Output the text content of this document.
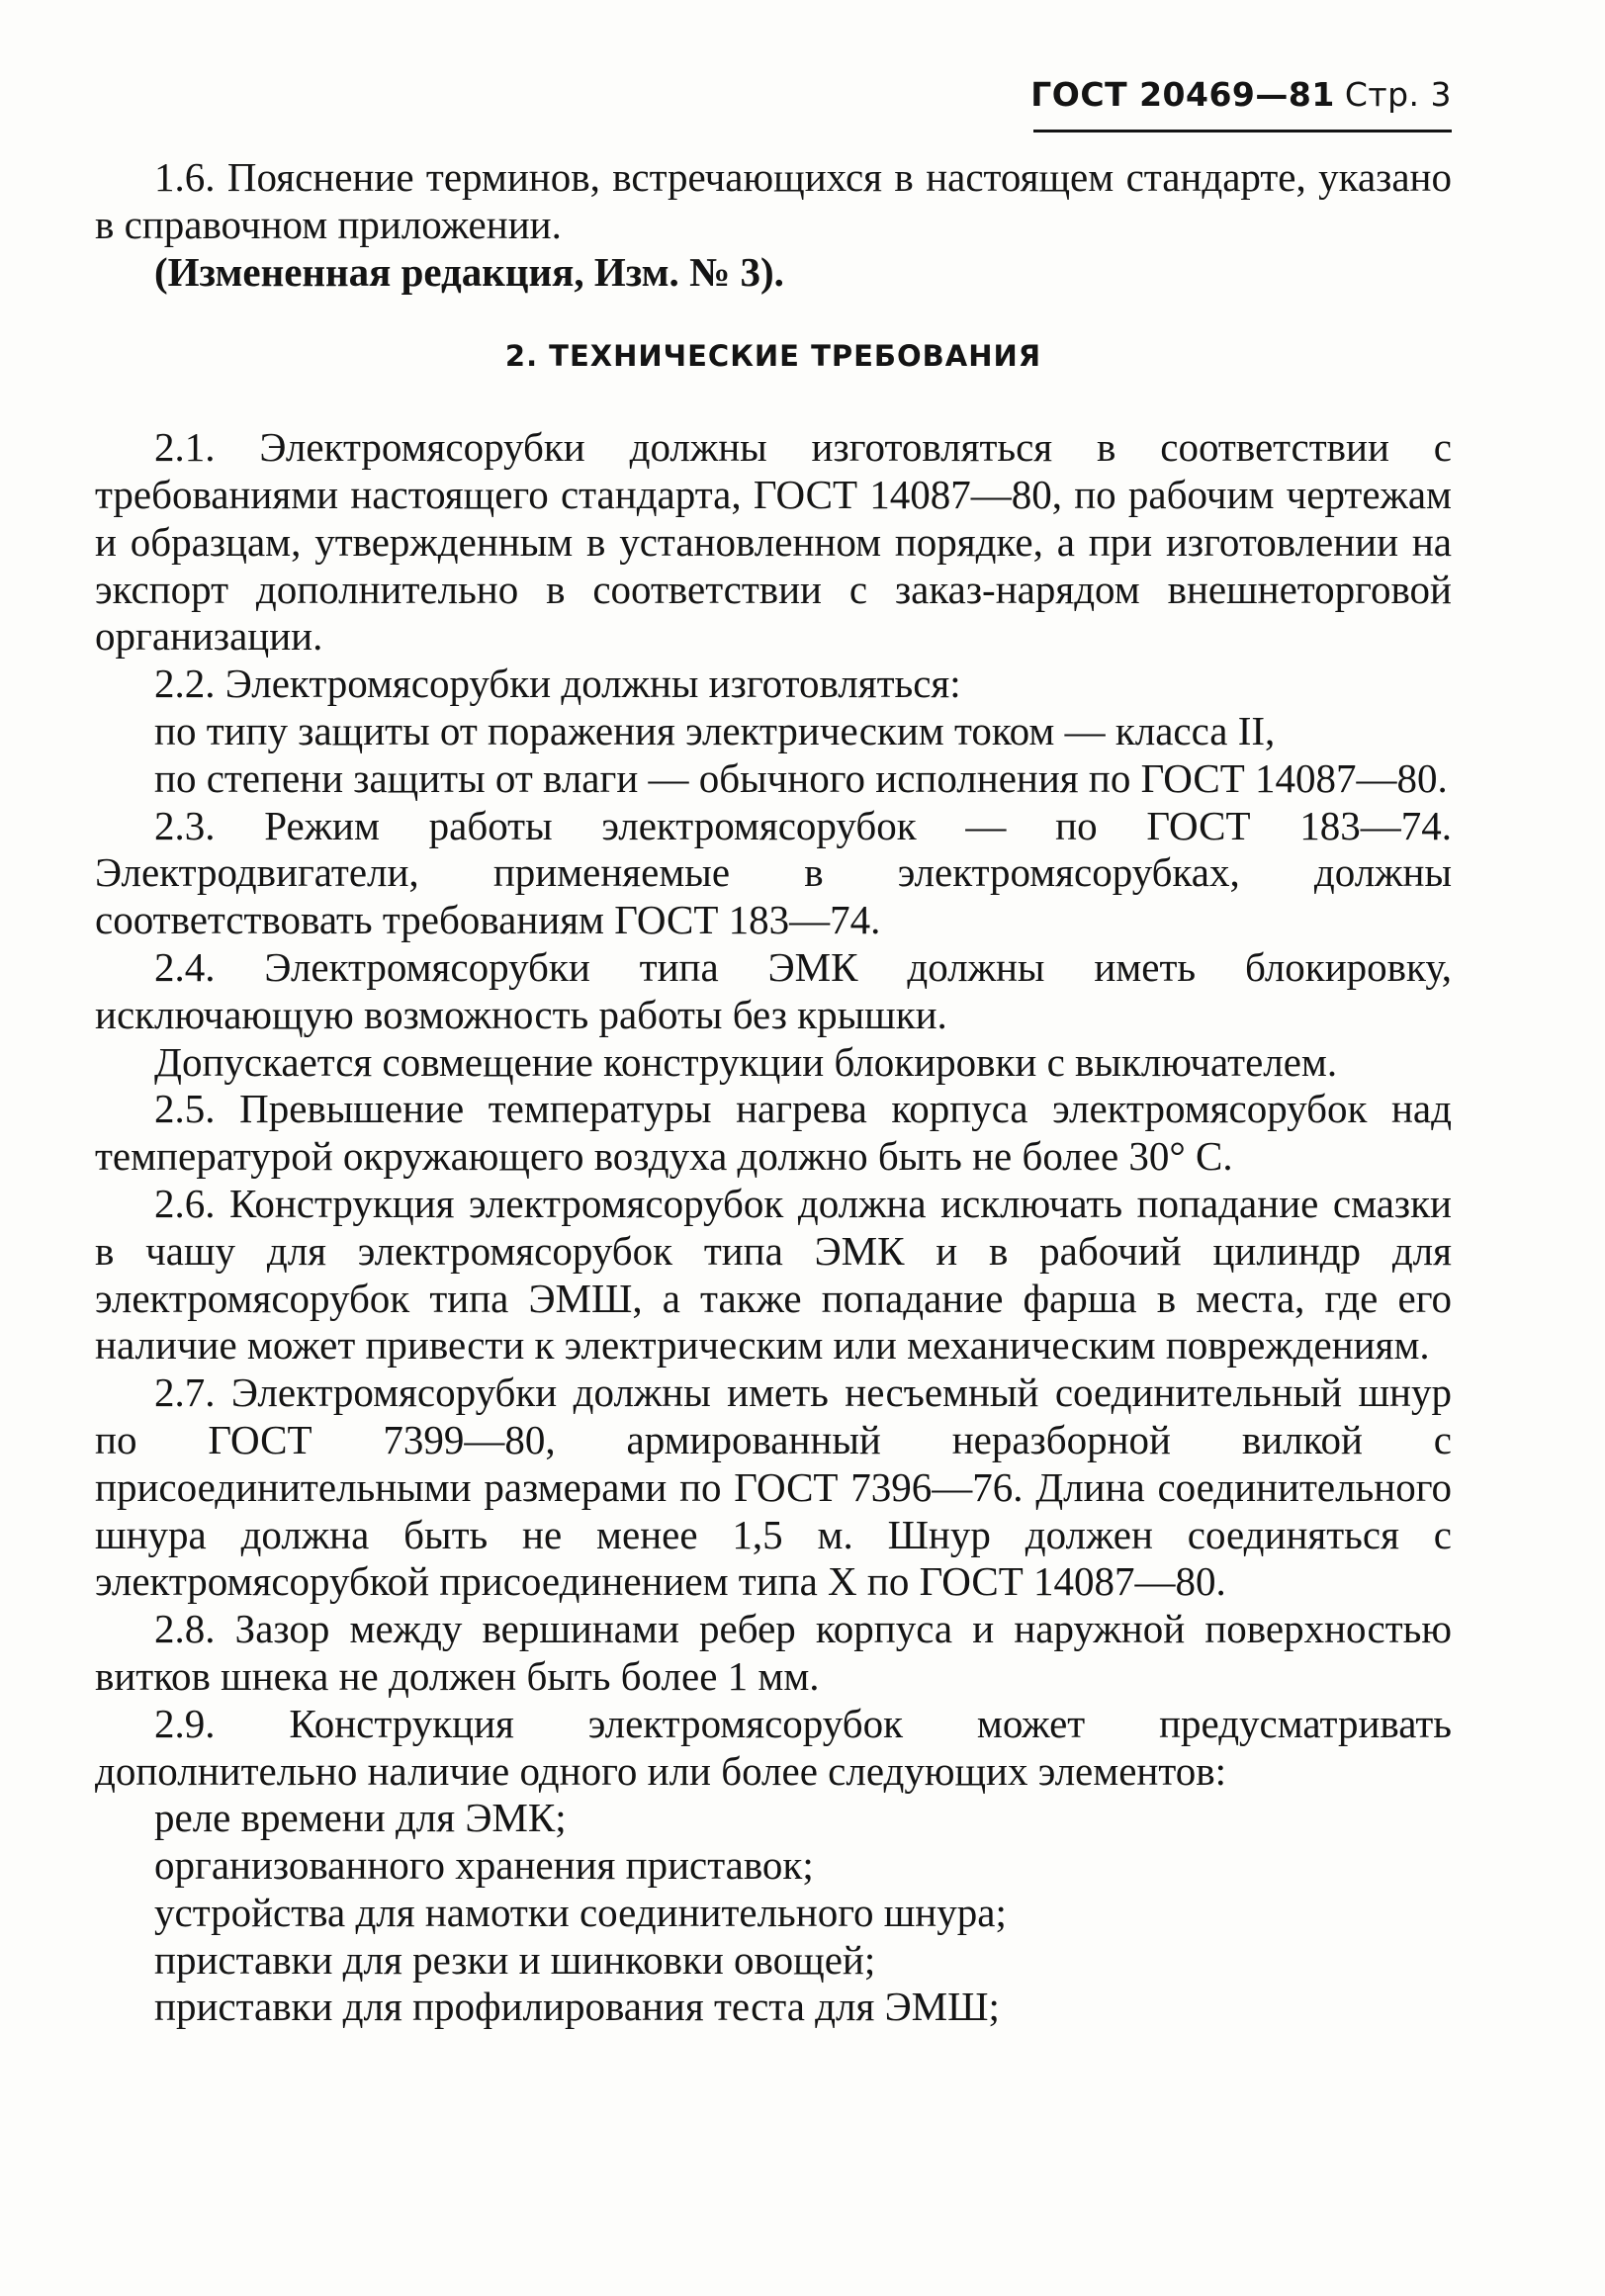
ГОСТ 20469—81 Стр. 3

1.6. Пояснение терминов, встречающихся в настоящем стандарте, указано в справочном приложении.

(Измененная редакция, Изм. № 3).

2. ТЕХНИЧЕСКИЕ ТРЕБОВАНИЯ

2.1. Электромясорубки должны изготовляться в соответствии с требованиями настоящего стандарта, ГОСТ 14087—80, по рабочим чертежам и образцам, утвержденным в установленном порядке, а при изготовлении на экспорт дополнительно в соответствии с заказ-нарядом внешнеторговой организации.

2.2. Электромясорубки должны изготовляться:

по типу защиты от поражения электрическим током — класса II,

по степени защиты от влаги — обычного исполнения по ГОСТ 14087—80.

2.3. Режим работы электромясорубок — по ГОСТ 183—74. Электродвигатели, применяемые в электромясорубках, должны соответствовать требованиям ГОСТ 183—74.

2.4. Электромясорубки типа ЭМК должны иметь блокировку, исключающую возможность работы без крышки.

Допускается совмещение конструкции блокировки с выключателем.

2.5. Превышение температуры нагрева корпуса электромясорубок над температурой окружающего воздуха должно быть не более 30° С.

2.6. Конструкция электромясорубок должна исключать попадание смазки в чашу для электромясорубок типа ЭМК и в рабочий цилиндр для электромясорубок типа ЭМШ, а также попадание фарша в места, где его наличие может привести к электрическим или механическим повреждениям.

2.7. Электромясорубки должны иметь несъемный соединительный шнур по ГОСТ 7399—80, армированный неразборной вилкой с присоединительными размерами по ГОСТ 7396—76. Длина соединительного шнура должна быть не менее 1,5 м. Шнур должен соединяться с электромясорубкой присоединением типа X по ГОСТ 14087—80.

2.8. Зазор между вершинами ребер корпуса и наружной поверхностью витков шнека не должен быть более 1 мм.

2.9. Конструкция электромясорубок может предусматривать дополнительно наличие одного или более следующих элементов:

реле времени для ЭМК;

организованного хранения приставок;

устройства для намотки соединительного шнура;

приставки для резки и шинковки овощей;

приставки для профилирования теста для ЭМШ;
